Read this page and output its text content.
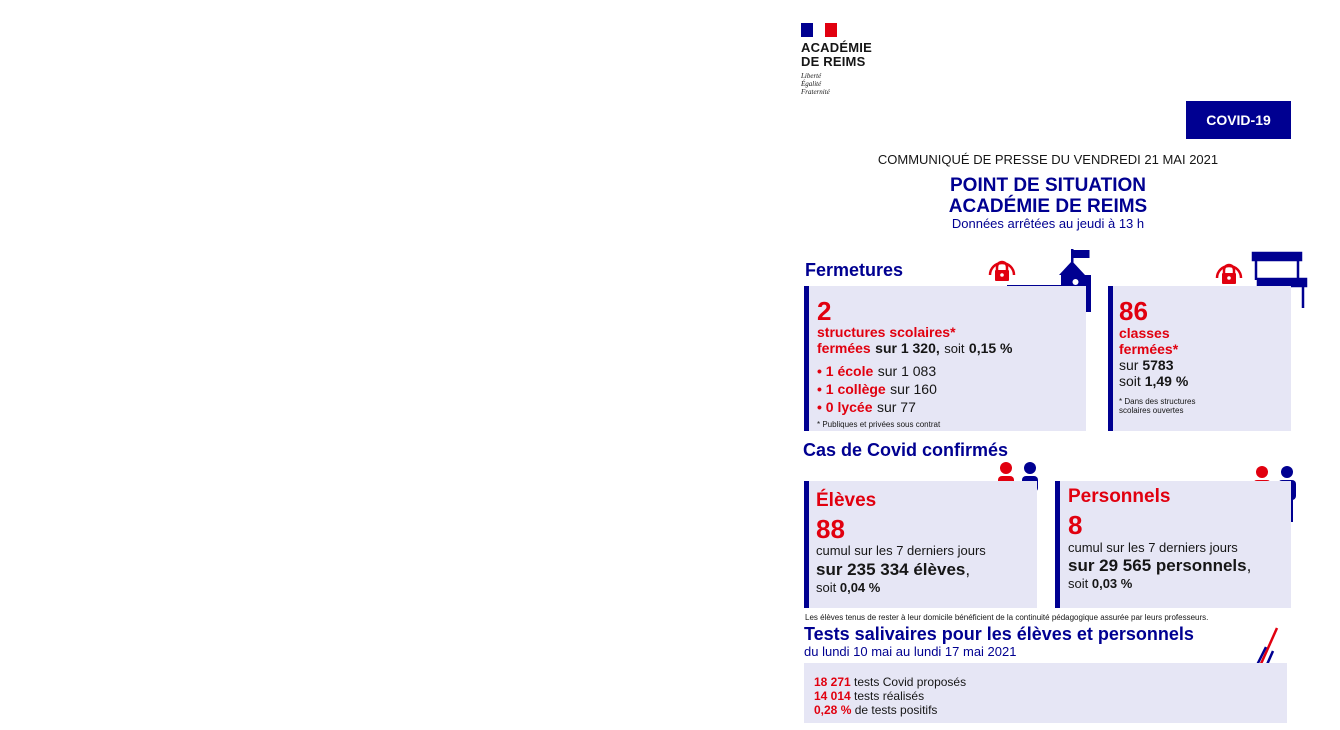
ACADÉMIE
DE REIMS
Liberté
Égalité
Fraternité
COVID-19
COMMUNIQUÉ DE PRESSE DU VENDREDI 21 MAI 2021
POINT DE SITUATION
ACADÉMIE DE REIMS
Données arrêtées au jeudi à 13 h
Fermetures
2
structures scolaires*
fermées sur 1 320, soit 0,15 %
• 1 école sur 1 083
• 1 collège sur 160
• 0 lycée sur 77
* Publiques et privées sous contrat
86
classes
fermées*
sur 5783
soit 1,49 %
* Dans des structures
scolaires ouvertes
Cas de Covid confirmés
Élèves
88
cumul sur les 7 derniers jours
sur 235 334 élèves,
soit 0,04 %
Personnels
8
cumul sur les 7 derniers jours
sur 29 565 personnels,
soit 0,03 %
Les élèves tenus de rester à leur domicile bénéficient de la continuité pédagogique assurée par leurs professeurs.
Tests salivaires pour les élèves et personnels
du lundi 10 mai au lundi 17 mai 2021
18 271 tests Covid proposés
14 014 tests réalisés
0,28 % de tests positifs
